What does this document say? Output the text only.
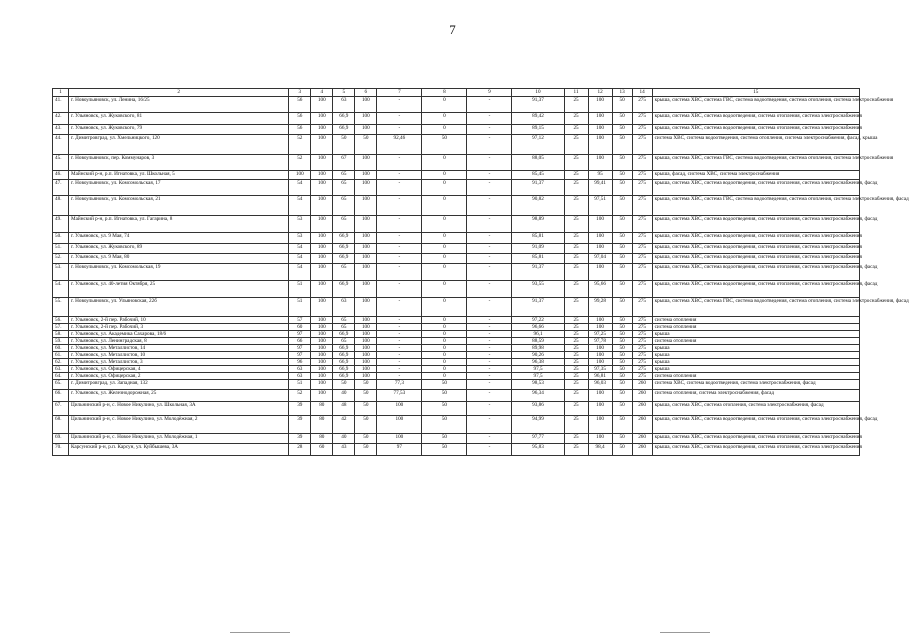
7
1	2	3	4	5	6	7	8	9	10	11	12	13	14	15
41.	г. Новоульяновск, ул. Ленина, 16/25	56	100	63	100	-	0	-	91,37	25	100	50	275	крыша, система ХВС, система ГВС, система водоотведения, система отопления, система электроснабжения
42.	г. Ульяновск, ул. Жуковского, 81	56	100	66,9	100	-	0	-	89,42	25	100	50	275	крыша, система ХВС, система водоотведения, система отопления, система электроснабжения
43.	г. Ульяновск, ул. Жуковского, 79	56	100	66,9	100	-	0	-	89,15	25	100	50	275	крыша, система ХВС, система водоотведения, система отопления, система электроснабжения
44.	г. Димитровград, ул. Хмельницкого, 120	52	100	50	50	92,46	50	-	97,12	25	100	50	275	система ХВС, система водоотведения, система отопления, система электроснабжения, фасад, крыша
45.	г. Новоульяновск, пер. Коммунаров, 3	52	100	67	100	-	0	-	88,05	25	100	50	275	крыша, система ХВС, система ГВС, система водоотведения, система отопления, система электроснабжения
46.	Майнский р-н, р.п. Игнатовка, ул. Школьная, 5	100	100	65	100	-	0	-	85,45	25	95	50	275	крыша, фасад, система ХВС, система электроснабжения
47.	г. Новоульяновск, ул. Комсомольская, 17	54	100	65	100	-	0	-	91,37	25	99,41	50	275	крыша, система ХВС, система водоотведения, система отопления, система электроснабжения, фасад
48.	г. Новоульяновск, ул. Комсомольская, 21	54	100	65	100	-	0	-	90,82	25	97,51	50	275	крыша, система ХВС, система ГВС, система водоотведения, система отопления, система электроснабжения, фасад
49.	Майнский р-н, р.п. Игнатовка, ул. Гагарина, 8	53	100	65	100	-	0	-	98,89	25	100	50	275	крыша, система ХВС, система водоотведения, система отопления, система электроснабжения, фасад
50.	г. Ульяновск, ул. 9 Мая, 74	53	100	66,9	100	-	0	-	85,81	25	100	50	275	крыша, система ХВС, система водоотведения, система отопления, система электроснабжения
51.	г. Ульяновск, ул. Жуковского, 89	54	100	66,9	100	-	0	-	91,09	25	100	50	275	крыша, система ХВС, система водоотведения, система отопления, система электроснабжения
52.	г. Ульяновск, ул. 9 Мая, 80	54	100	66,9	100	-	0	-	85,81	25	97,04	50	275	крыша, система ХВС, система водоотведения, система отопления, система электроснабжения
53.	г. Новоульяновск, ул. Комсомольская, 19	54	100	65	100	-	0	-	91,37	25	100	50	275	крыша, система ХВС, система водоотведения, система отопления, система электроснабжения, фасад
54.	г. Ульяновск, ул. 40-летия Октября, 25	51	100	66,9	100	-	0	-	93,55	25	95,66	50	275	крыша, система ХВС, система водоотведения, система отопления, система электроснабжения, фасад
55.	г. Новоульяновск, ул. Ульяновская, 22б	51	100	63	100	-	0	-	91,37	25	99,28	50	275	крыша, система ХВС, система ГВС, система водоотведения, система отопления, система электроснабжения, фасад
56.	г. Ульяновск, 2-й пер. Рабочий, 10	57	100	65	100	-	0	-	97,22	25	100	50	275	система отопления
57.	г. Ульяновск, 2-й пер. Рабочий, 3	60	100	65	100	-	0	-	96,66	25	100	50	275	система отопления
58.	г. Ульяновск, ул. Академика Сахарова, 18/6	97	100	66,9	100	-	0	-	96,1	25	97,25	50	275	крыша
59.	г. Ульяновск, ул. Ленинградская, 8	66	100	65	100	-	0	-	88,59	25	97,78	50	275	система отопления
60.	г. Ульяновск, ул. Металлистов, 14	97	100	66,9	100	-	0	-	89,98	25	100	50	275	крыша
61.	г. Ульяновск, ул. Металлистов, 10	97	100	66,9	100	-	0	-	90,26	25	100	50	275	крыша
62.	г. Ульяновск, ул. Металлистов, 3	96	100	66,9	100	-	0	-	96,38	25	100	50	275	крыша
63.	г. Ульяновск, ул. Офицерская, 4	63	100	66,9	100	-	0	-	97,5	25	97,35	50	275	крыша
64.	г. Ульяновск, ул. Офицерская, 2	63	100	66,9	100	-	0	-	97,5	25	96,81	50	275	система отопления
65.	г. Димитровград, ул. Западная, 132	51	100	50	50	77,3	50	-	98,53	25	96,03	50	260	система ХВС, система водоотведения, система электроснабжения, фасад
66.	г. Ульяновск, ул. Железнодорожная, 25	52	100	40	50	77,53	50	-	96,34	25	100	50	260	система отопления, система электроснабжения, фасад
67.	Цильнинский р-н, с. Новое Никулино, ул. Школьная, 3А	39	80	48	50	100	50	-	93,86	25	100	50	260	крыша, система ХВС, система отопления, система электроснабжения, фасад
68.	Цильнинский р-н, с. Новое Никулино, ул. Молодёжная, 2	39	80	42	50	100	50	-	94,99	25	100	50	260	крыша, система ХВС, система водоотведения, система отопления, система электроснабжения, фасад
69.	Цильнинский р-н, с. Новое Никулино, ул. Молодёжная, 1	39	80	40	50	100	50	-	97,77	25	100	50	260	крыша, система ХВС, система водоотведения, система отопления, система электроснабжения
70.	Карсунский р-н, р.п. Карсун, ул. Куйбышева, 3А	28	60	43	50	97	50	-	95,83	25	98,4	50	260	крыша, система ХВС, система водоотведения, система отопления, система электроснабжения
